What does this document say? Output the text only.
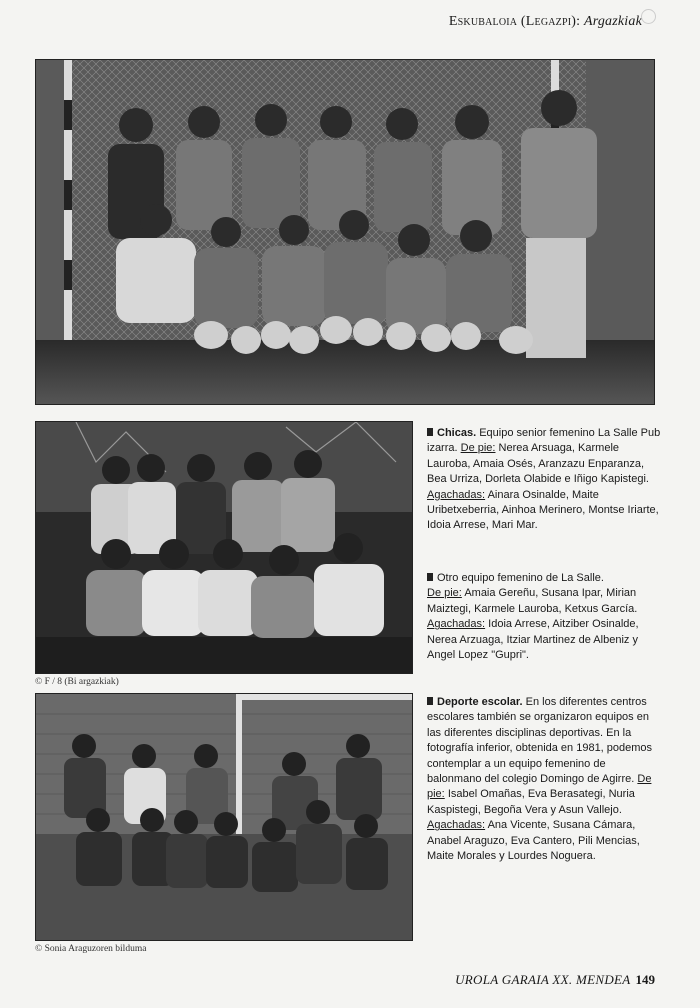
Eskubaloia (Legazpi): Argazkiak
© F / 8 (Bi argazkiak)
© Sonia Araguzoren bilduma
Chicas. Equipo senior femenino La Salle Pub izarra. De pie: Nerea Arsuaga, Karmele Lauroba, Amaia Osés, Aranzazu Enparanza, Bea Urriza, Dorleta Olabide e Iñigo Kapistegi.
Agachadas: Ainara Osinalde, Maite Uribetxeberria, Ainhoa Merinero, Montse Iriarte, Idoia Arrese, Mari Mar.
Otro equipo femenino de La Salle.
De pie: Amaia Gereñu, Susana Ipar, Mirian Maiztegi, Karmele Lauroba, Ketxus García.
Agachadas: Idoia Arrese, Aitziber Osinalde, Nerea Arzuaga, Itziar Martinez de Albeniz y Angel Lopez "Gupri".
Deporte escolar. En los diferentes centros escolares también se organizaron equipos en las diferentes disciplinas deportivas. En la fotografía inferior, obtenida en 1981, podemos contemplar a un equipo femenino de balonmano del colegio Domingo de Agirre. De pie: Isabel Omañas, Eva Berasategi, Nuria Kaspistegi, Begoña Vera y Asun Vallejo. Agachadas: Ana Vicente, Susana Cámara, Anabel Araguzo, Eva Cantero, Pili Mencias, Maite Morales y Lourdes Noguera.
UROLA GARAIA XX. MENDEA 149
